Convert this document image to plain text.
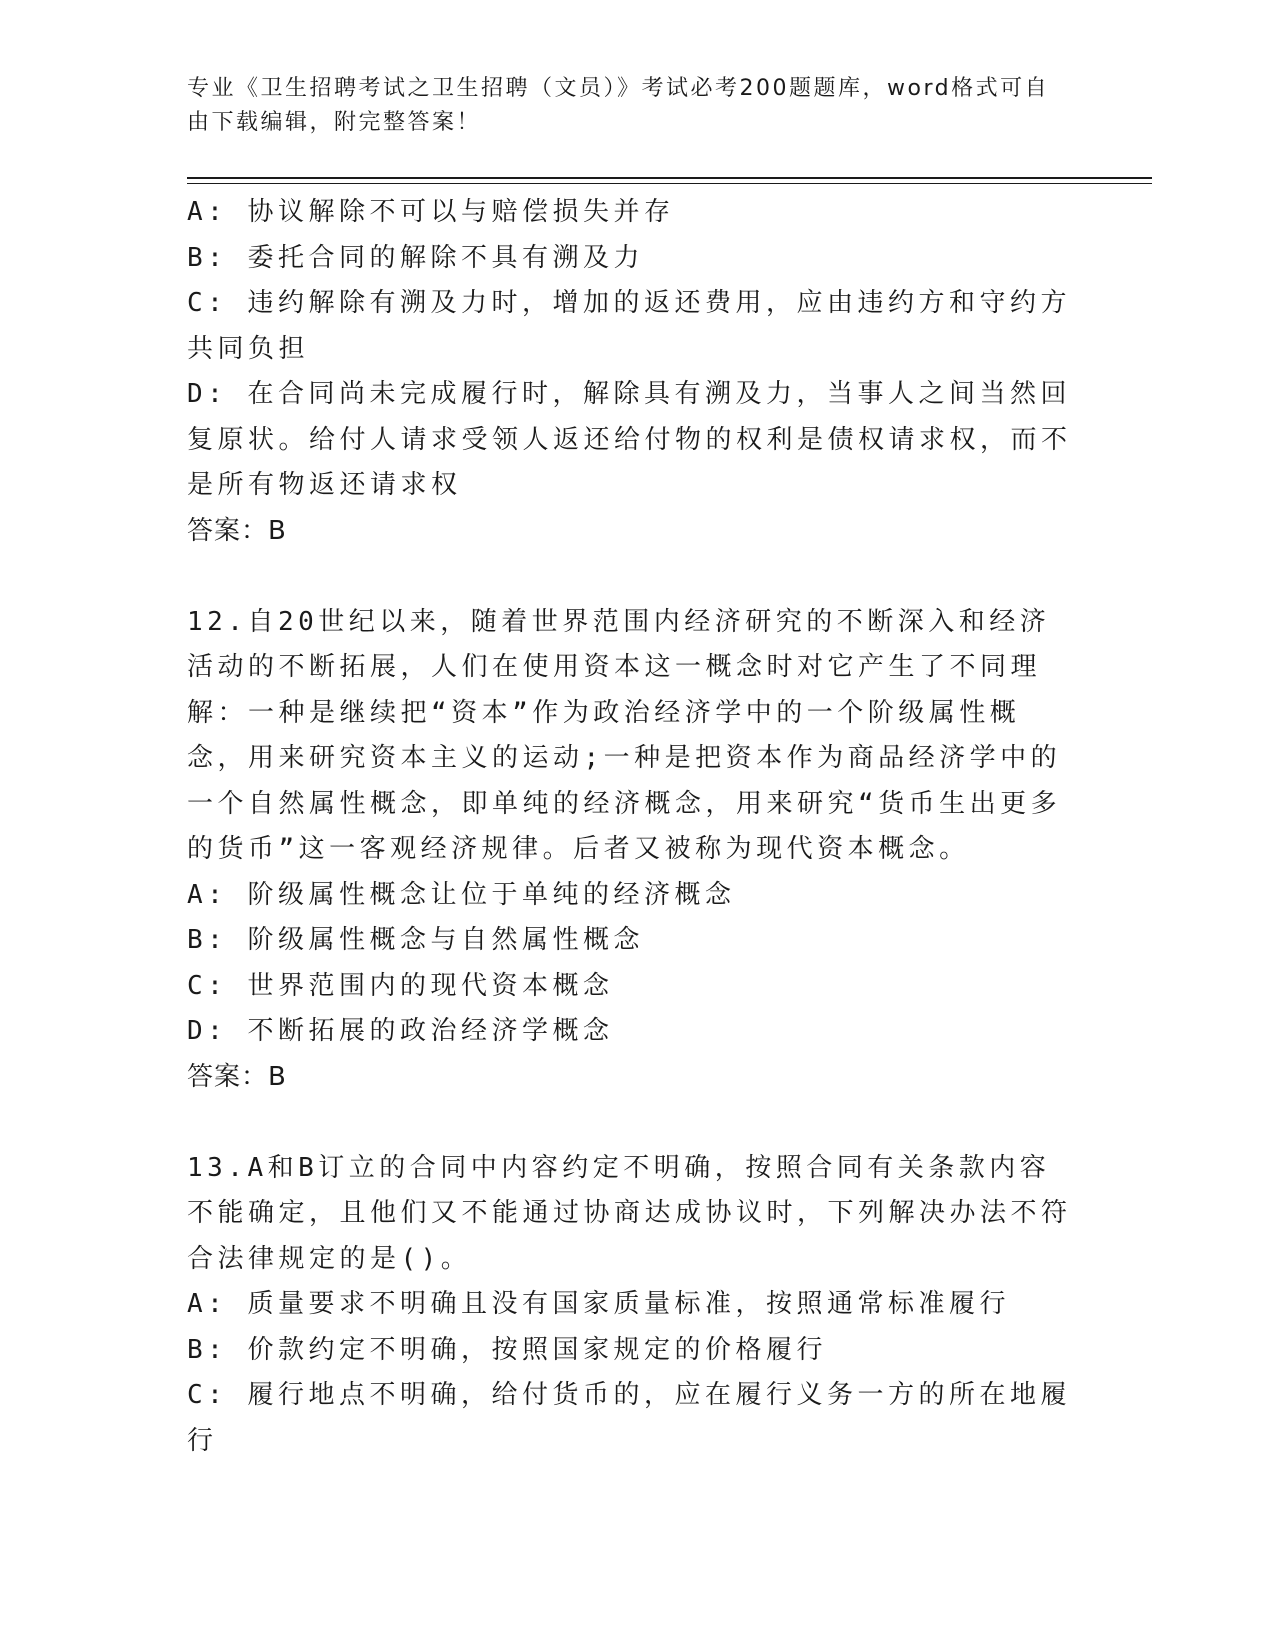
专业《卫生招聘考试之卫生招聘（文员）》考试必考200题题库，word格式可自
由下载编辑，附完整答案！
A: 协议解除不可以与赔偿损失并存
B: 委托合同的解除不具有溯及力
C: 违约解除有溯及力时，增加的返还费用，应由违约方和守约方共同负担
D: 在合同尚未完成履行时，解除具有溯及力，当事人之间当然回复原状。给付人请求受领人返还给付物的权利是债权请求权，而不是所有物返还请求权
答案：B
12.自20世纪以来，随着世界范围内经济研究的不断深入和经济活动的不断拓展，人们在使用资本这一概念时对它产生了不同理解：一种是继续把“资本”作为政治经济学中的一个阶级属性概念，用来研究资本主义的运动;一种是把资本作为商品经济学中的一个自然属性概念，即单纯的经济概念，用来研究“货币生出更多的货币”这一客观经济规律。后者又被称为现代资本概念。
A: 阶级属性概念让位于单纯的经济概念
B: 阶级属性概念与自然属性概念
C: 世界范围内的现代资本概念
D: 不断拓展的政治经济学概念
答案：B
13.A和B订立的合同中内容约定不明确，按照合同有关条款内容不能确定，且他们又不能通过协商达成协议时，下列解决办法不符合法律规定的是()。
A: 质量要求不明确且没有国家质量标准，按照通常标准履行
B: 价款约定不明确，按照国家规定的价格履行
C: 履行地点不明确，给付货币的，应在履行义务一方的所在地履行
